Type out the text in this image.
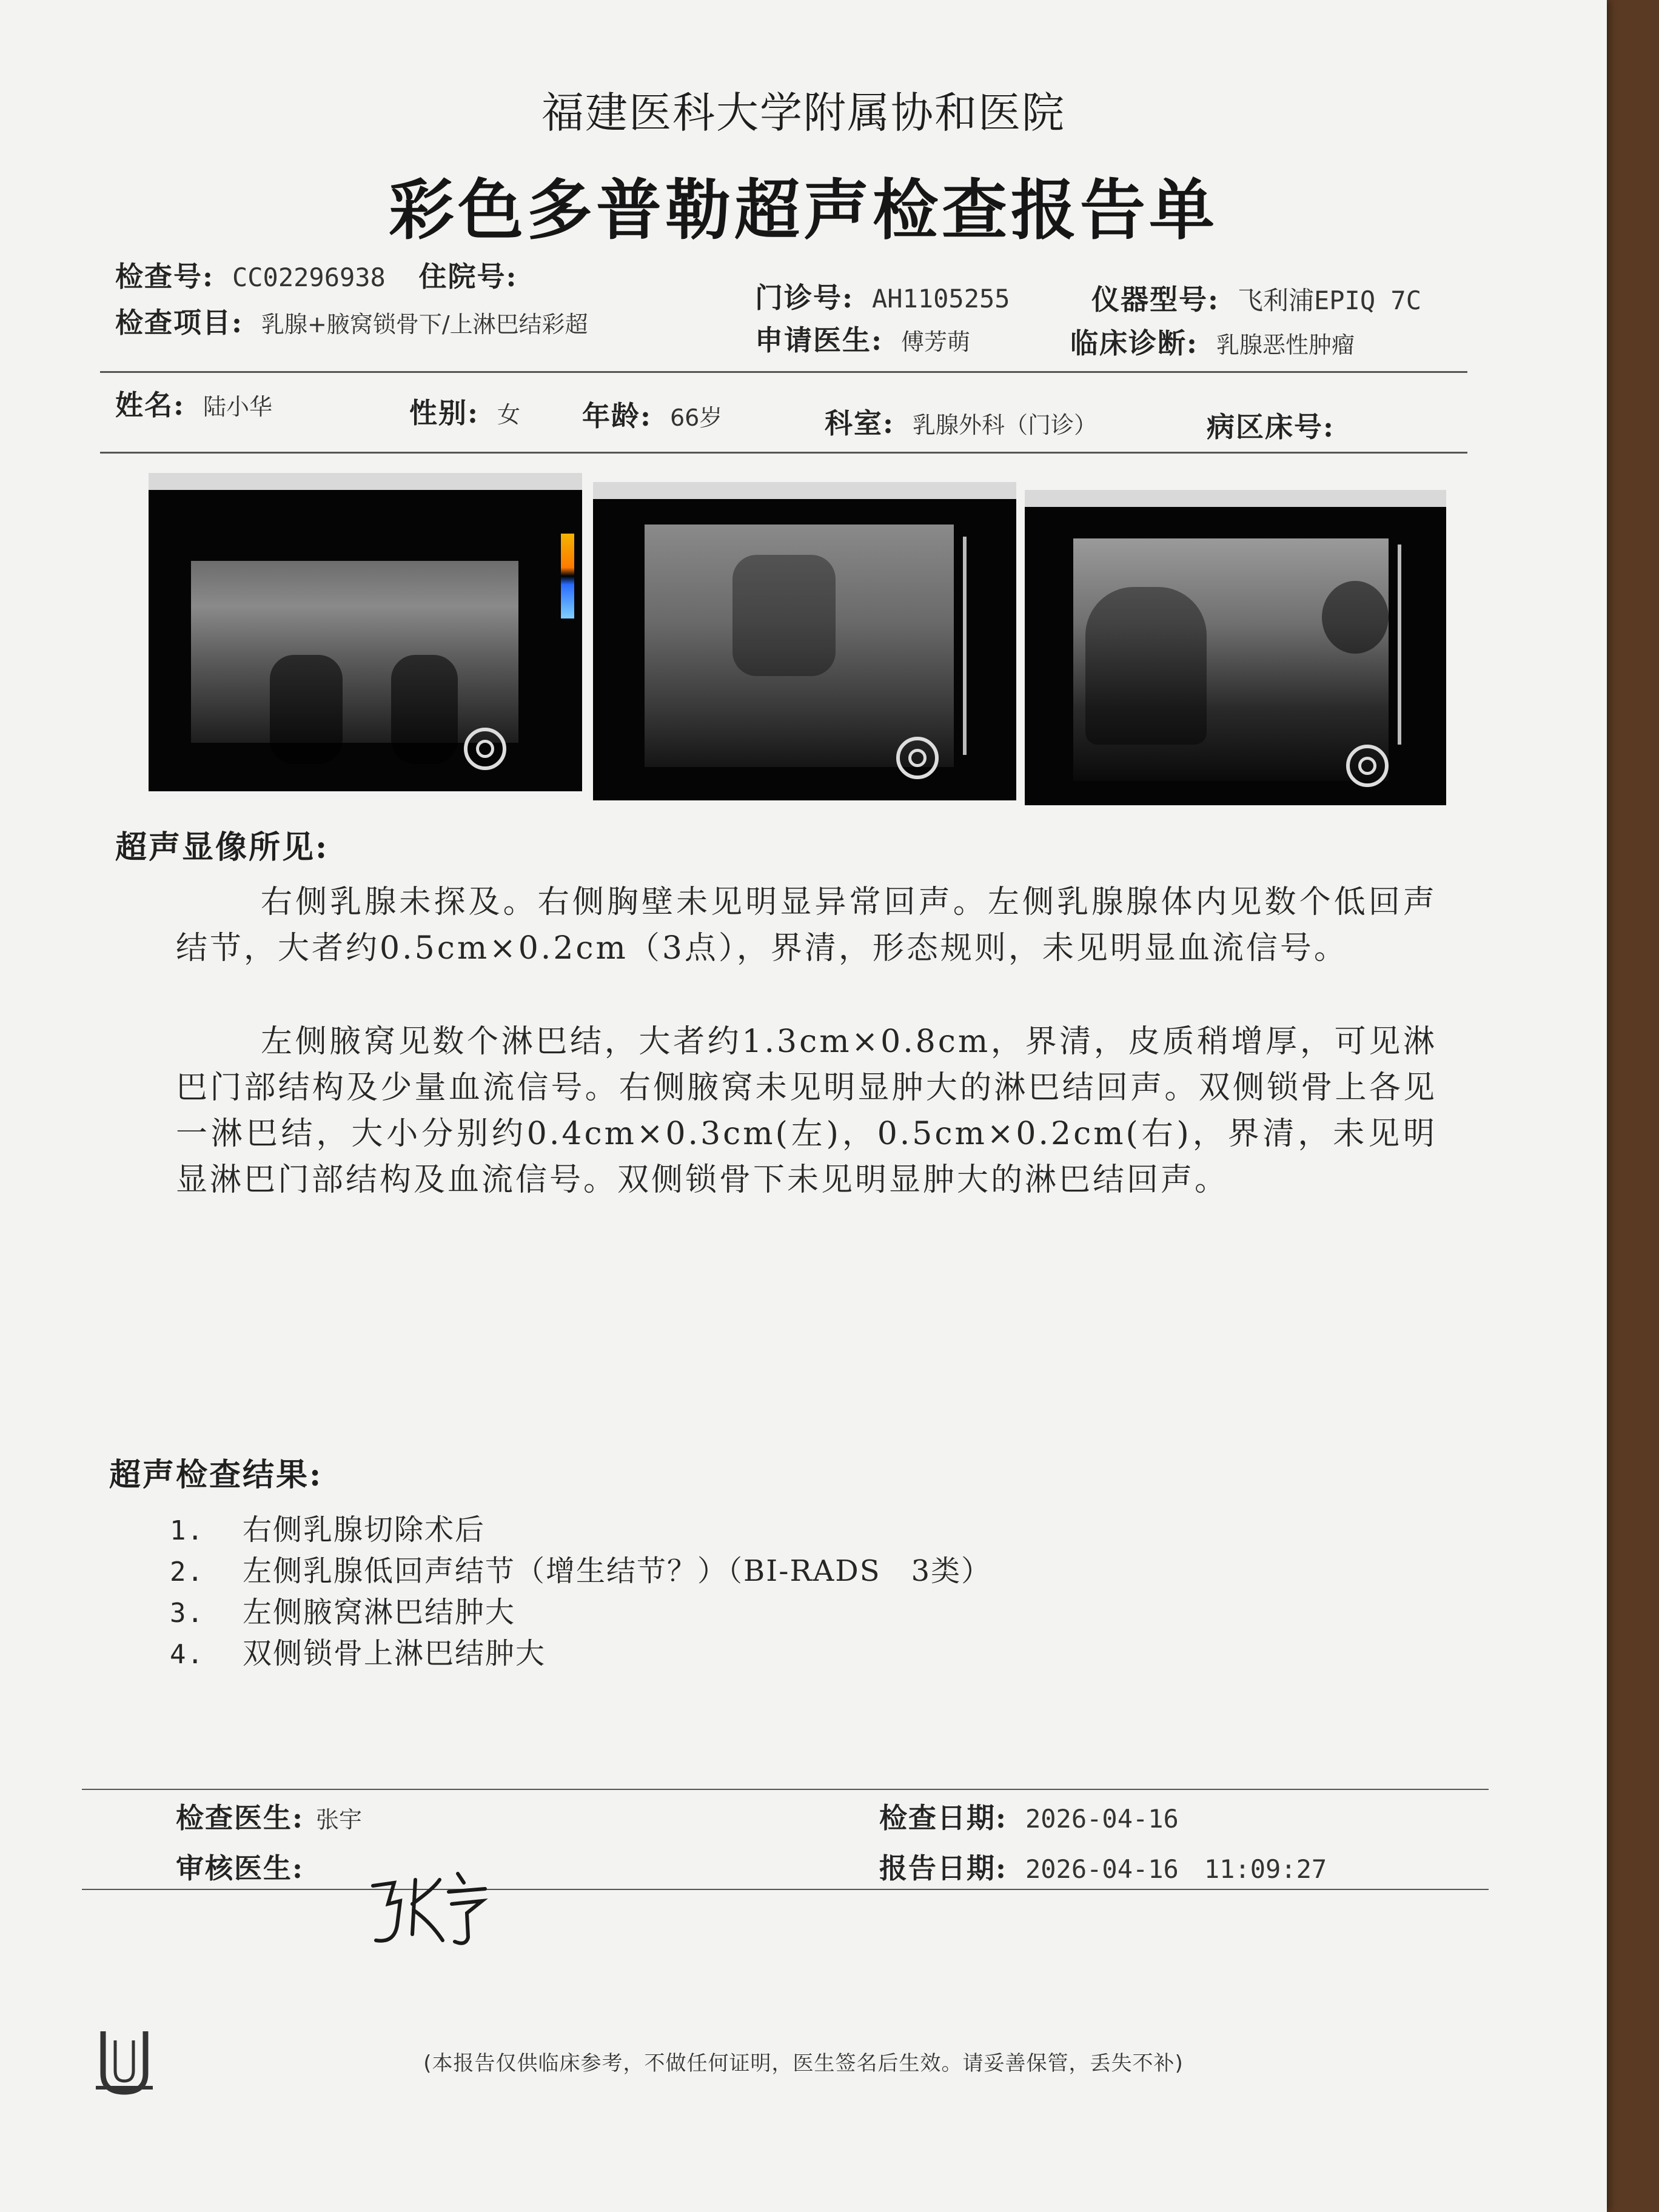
福建医科大学附属协和医院
彩色多普勒超声检查报告单
检查号: CC02296938 住院号:
检查项目: 乳腺+腋窝锁骨下/上淋巴结彩超
门诊号: AH1105255	仪器型号: 飞利浦EPIQ 7C
申请医生: 傅芳萌	临床诊断: 乳腺恶性肿瘤
姓名: 陆小华	性别: 女 年龄: 66岁	科室: 乳腺外科（门诊）	病区床号:
超声显像所见:
右侧乳腺未探及。右侧胸壁未见明显异常回声。左侧乳腺腺体内见数个低回声结节，大者约0.5cm×0.2cm（3点），界清，形态规则，未见明显血流信号。
左侧腋窝见数个淋巴结，大者约1.3cm×0.8cm，界清，皮质稍增厚，可见淋巴门部结构及少量血流信号。右侧腋窝未见明显肿大的淋巴结回声。双侧锁骨上各见一淋巴结，大小分别约0.4cm×0.3cm(左)，0.5cm×0.2cm(右)，界清，未见明显淋巴门部结构及血流信号。双侧锁骨下未见明显肿大的淋巴结回声。
超声检查结果:
1. 右侧乳腺切除术后
2. 左侧乳腺低回声结节（增生结节？）（BI-RADS　3类）
3. 左侧腋窝淋巴结肿大
4. 双侧锁骨上淋巴结肿大
检查医生: 张宇	检查日期: 2026-04-16
审核医生:	报告日期: 2026-04-16　11:09:27
(本报告仅供临床参考，不做任何证明，医生签名后生效。请妥善保管，丢失不补)
